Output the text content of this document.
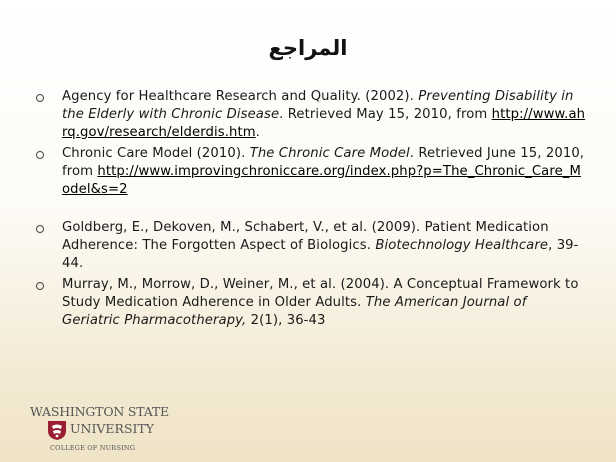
المراجع
Agency for Healthcare Research and Quality. (2002). Preventing Disability in the Elderly with Chronic Disease. Retrieved May 15, 2010, from http://www.ahrq.gov/research/elderdis.htm.
Chronic Care Model (2010). The Chronic Care Model. Retrieved June 15, 2010, from http://www.improvingchroniccare.org/index.php?p=The_Chronic_Care_Model&s=2
Goldberg, E., Dekoven, M., Schabert, V., et al. (2009). Patient Medication Adherence: The Forgotten Aspect of Biologics. Biotechnology Healthcare, 39-44.
Murray, M., Morrow, D., Weiner, M., et al. (2004). A Conceptual Framework to Study Medication Adherence in Older Adults. The American Journal of Geriatric Pharmacotherapy, 2(1), 36-43
WASHINGTON STATE
UNIVERSITY
COLLEGE OF NURSING
